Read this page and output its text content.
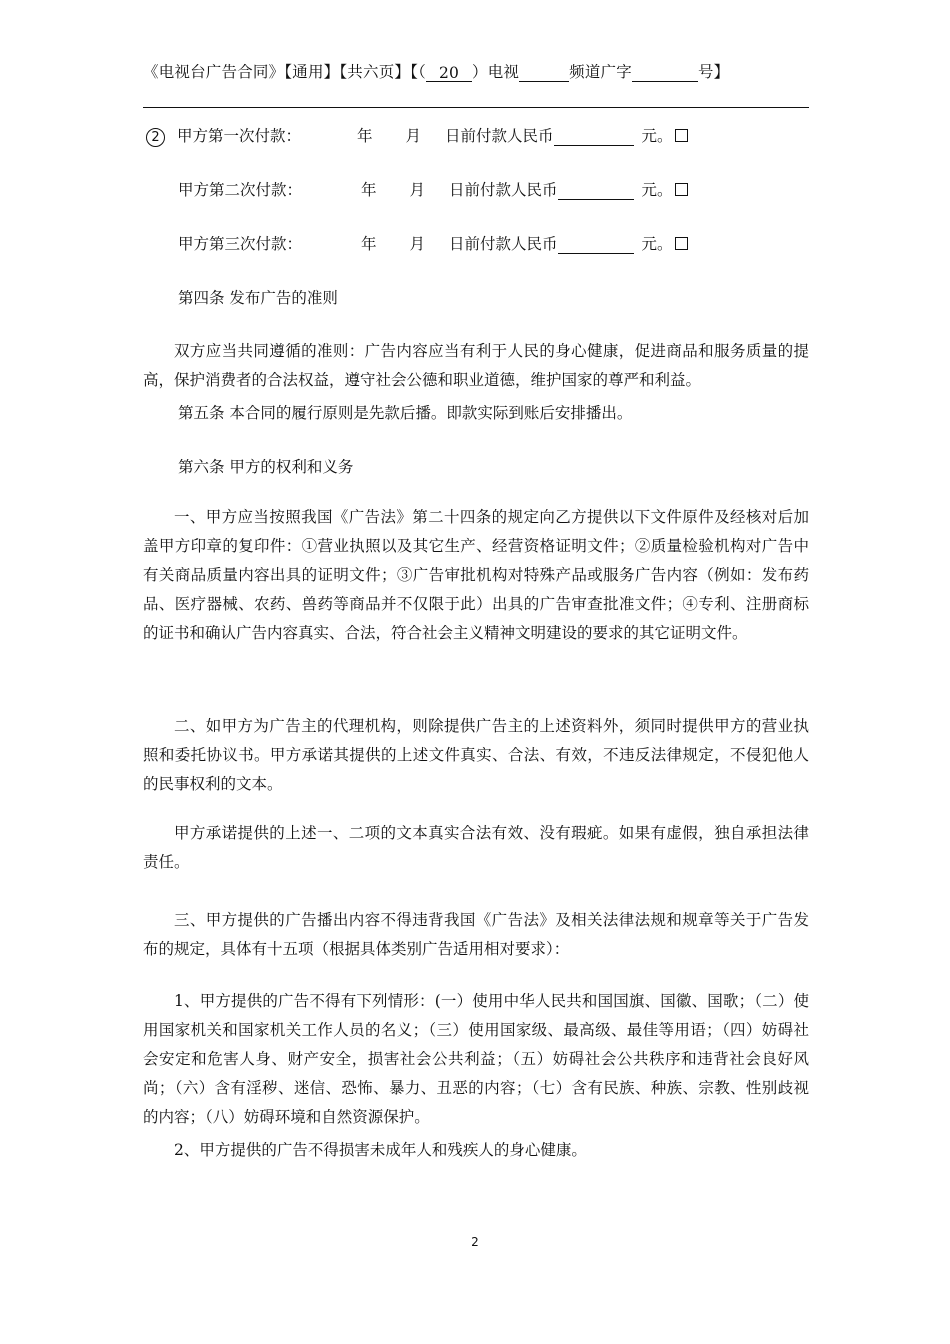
《电视台广告合同》【通用】【共六页】【（ 20 ）电视	频道广字	号】
2 甲方第一次付款：	年 月 日前付款人民币	元。
甲方第二次付款：	年 月 日前付款人民币	元。
甲方第三次付款：	年 月 日前付款人民币	元。
第四条 发布广告的准则
双方应当共同遵循的准则：广告内容应当有利于人民的身心健康，促进商品和服务质量的提高，保护消费者的合法权益，遵守社会公德和职业道德，维护国家的尊严和利益。
第五条 本合同的履行原则是先款后播。即款实际到账后安排播出。
第六条 甲方的权利和义务
一、甲方应当按照我国《广告法》第二十四条的规定向乙方提供以下文件原件及经核对后加盖甲方印章的复印件：①营业执照以及其它生产、经营资格证明文件；②质量检验机构对广告中有关商品质量内容出具的证明文件；③广告审批机构对特殊产品或服务广告内容（例如：发布药品、医疗器械、农药、兽药等商品并不仅限于此）出具的广告审查批准文件；④专利、注册商标的证书和确认广告内容真实、合法，符合社会主义精神文明建设的要求的其它证明文件。
二、如甲方为广告主的代理机构，则除提供广告主的上述资料外，须同时提供甲方的营业执照和委托协议书。甲方承诺其提供的上述文件真实、合法、有效，不违反法律规定，不侵犯他人的民事权利的文本。
甲方承诺提供的上述一、二项的文本真实合法有效、没有瑕疵。如果有虚假，独自承担法律责任。
三、甲方提供的广告播出内容不得违背我国《广告法》及相关法律法规和规章等关于广告发布的规定，具体有十五项（根据具体类别广告适用相对要求）：
1、甲方提供的广告不得有下列情形：(一）使用中华人民共和国国旗、国徽、国歌；（二）使用国家机关和国家机关工作人员的名义；（三）使用国家级、最高级、最佳等用语；（四）妨碍社会安定和危害人身、财产安全，损害社会公共利益；（五）妨碍社会公共秩序和违背社会良好风尚；（六）含有淫秽、迷信、恐怖、暴力、丑恶的内容；（七）含有民族、种族、宗教、性别歧视的内容；（八）妨碍环境和自然资源保护。
2、甲方提供的广告不得损害未成年人和残疾人的身心健康。
2
